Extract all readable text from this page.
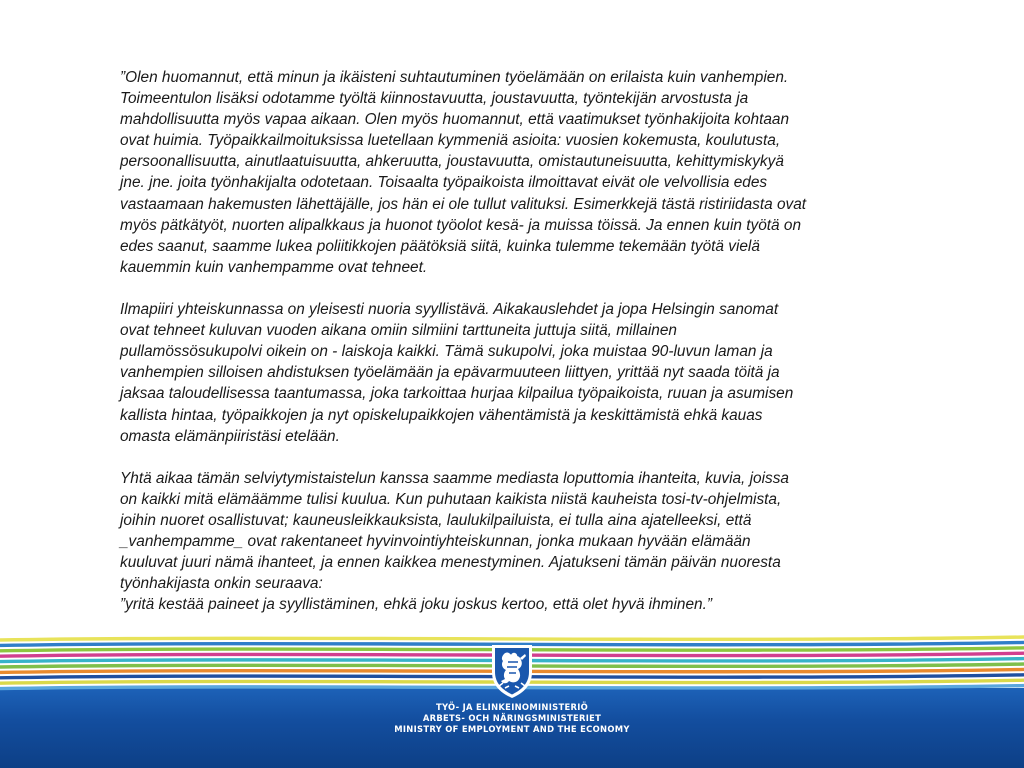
”Olen huomannut, että minun ja ikäisteni suhtautuminen työelämään on erilaista kuin vanhempien.
Toimeentulon lisäksi odotamme työltä kiinnostavuutta, joustavuutta, työntekijän arvostusta ja
mahdollisuutta myös vapaa aikaan. Olen myös huomannut, että vaatimukset työnhakijoita kohtaan
ovat huimia. Työpaikkailmoituksissa luetellaan kymmeniä asioita: vuosien kokemusta, koulutusta,
persoonallisuutta, ainutlaatuisuutta, ahkeruutta, joustavuutta, omistautuneisuutta, kehittymiskykyä
jne. jne. joita työnhakijalta odotetaan. Toisaalta työpaikoista ilmoittavat eivät ole velvollisia edes
vastaamaan hakemusten lähettäjälle, jos hän ei ole tullut valituksi. Esimerkkejä tästä ristiriidasta ovat
myös pätkätyöt, nuorten alipalkkaus ja huonot työolot kesä- ja muissa töissä. Ja ennen kuin työtä on
edes saanut, saamme lukea poliitikkojen päätöksiä siitä, kuinka tulemme tekemään työtä vielä
kauemmin kuin vanhempamme ovat tehneet.

Ilmapiiri yhteiskunnassa on yleisesti nuoria syyllistävä. Aikakauslehdet ja jopa Helsingin sanomat
ovat tehneet kuluvan vuoden aikana omiin silmiini tarttuneita juttuja siitä, millainen
pullamössösukupolvi oikein on - laiskoja kaikki. Tämä sukupolvi, joka muistaa 90-luvun laman ja
vanhempien silloisen ahdistuksen työelämään ja epävarmuuteen liittyen, yrittää nyt saada töitä ja
jaksaa taloudellisessa taantumassa, joka tarkoittaa hurjaa kilpailua työpaikoista, ruuan ja asumisen
kallista hintaa, työpaikkojen ja nyt opiskelupaikkojen vähentämistä ja keskittämistä ehkä kauas
omasta elämänpiiristäsi etelään.

Yhtä aikaa tämän selviytymistaistelun kanssa saamme mediasta loputtomia ihanteita, kuvia, joissa
on kaikki mitä elämäämme tulisi kuulua. Kun puhutaan kaikista niistä kauheista tosi-tv-ohjelmista,
joihin nuoret osallistuvat; kauneusleikkauksista, laulukilpailuista, ei tulla aina ajatelleeksi, että
_vanhempamme_ ovat rakentaneet hyvinvointiyhteiskunnan, jonka mukaan hyvään elämään
kuuluvat juuri nämä ihanteet, ja ennen kaikkea menestyminen. Ajatukseni tämän päivän nuoresta
työnhakijasta onkin seuraava:
”yritä kestää paineet ja syyllistäminen, ehkä joku joskus kertoo, että olet hyvä ihminen.”

TYÖ- JA ELINKEINOMINISTERIÖ
ARBETS- OCH NÄRINGSMINISTERIET
MINISTRY OF EMPLOYMENT AND THE ECONOMY
